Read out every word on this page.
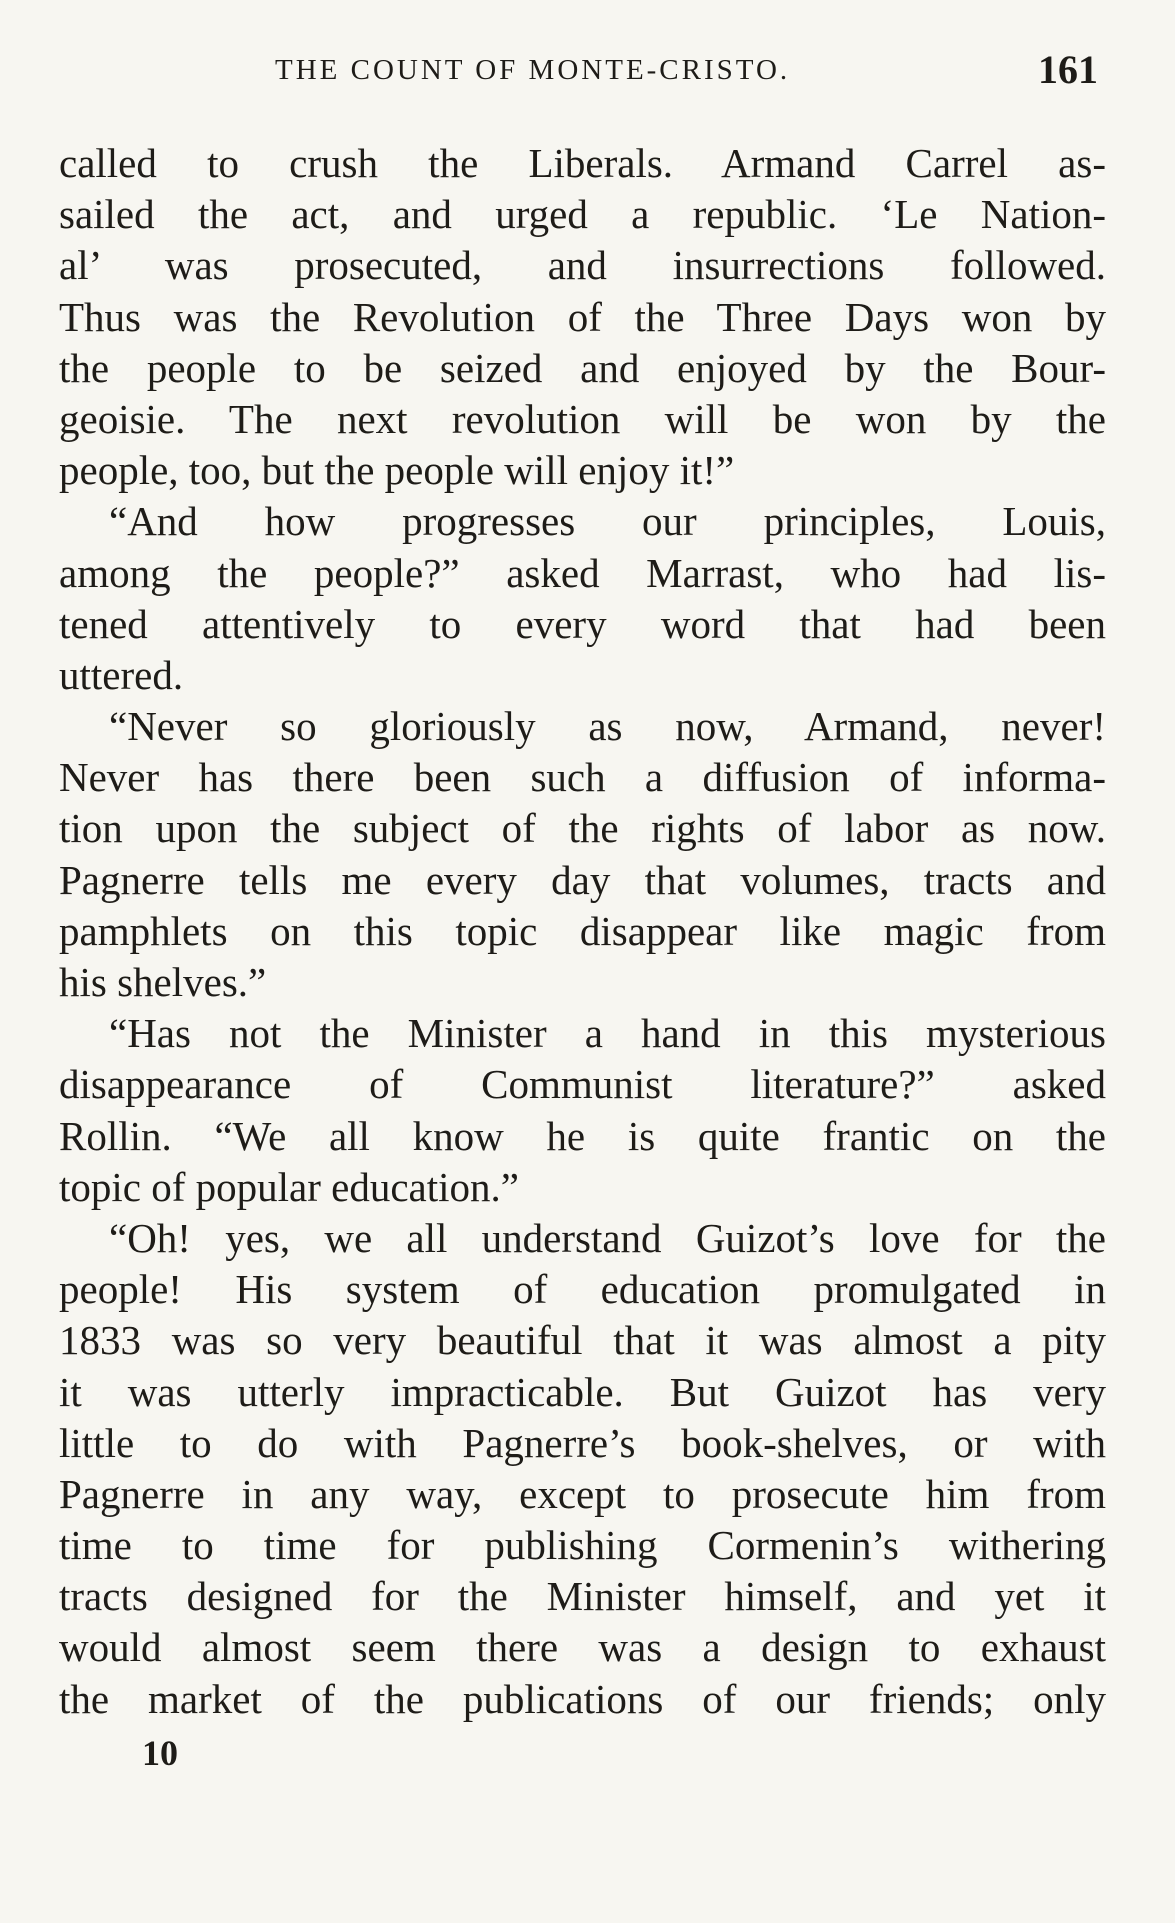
THE COUNT OF MONTE-CRISTO.	161
called to crush the Liberals. Armand Carrel as-
sailed the act, and urged a republic. ‘Le Nation-
al’ was prosecuted, and insurrections followed.
Thus was the Revolution of the Three Days won by
the people to be seized and enjoyed by the Bour-
geoisie. The next revolution will be won by the
people, too, but the people will enjoy it!”
“And how progresses our principles, Louis,
among the people?” asked Marrast, who had lis-
tened attentively to every word that had been
uttered.
“Never so gloriously as now, Armand, never!
Never has there been such a diffusion of informa-
tion upon the subject of the rights of labor as now.
Pagnerre tells me every day that volumes, tracts and
pamphlets on this topic disappear like magic from
his shelves.”
“Has not the Minister a hand in this mysterious
disappearance of Communist literature?” asked
Rollin. “We all know he is quite frantic on the
topic of popular education.”
“Oh! yes, we all understand Guizot’s love for the
people! His system of education promulgated in
1833 was so very beautiful that it was almost a pity
it was utterly impracticable. But Guizot has very
little to do with Pagnerre’s book-shelves, or with
Pagnerre in any way, except to prosecute him from
time to time for publishing Cormenin’s withering
tracts designed for the Minister himself, and yet it
would almost seem there was a design to exhaust
the market of the publications of our friends; only
10
